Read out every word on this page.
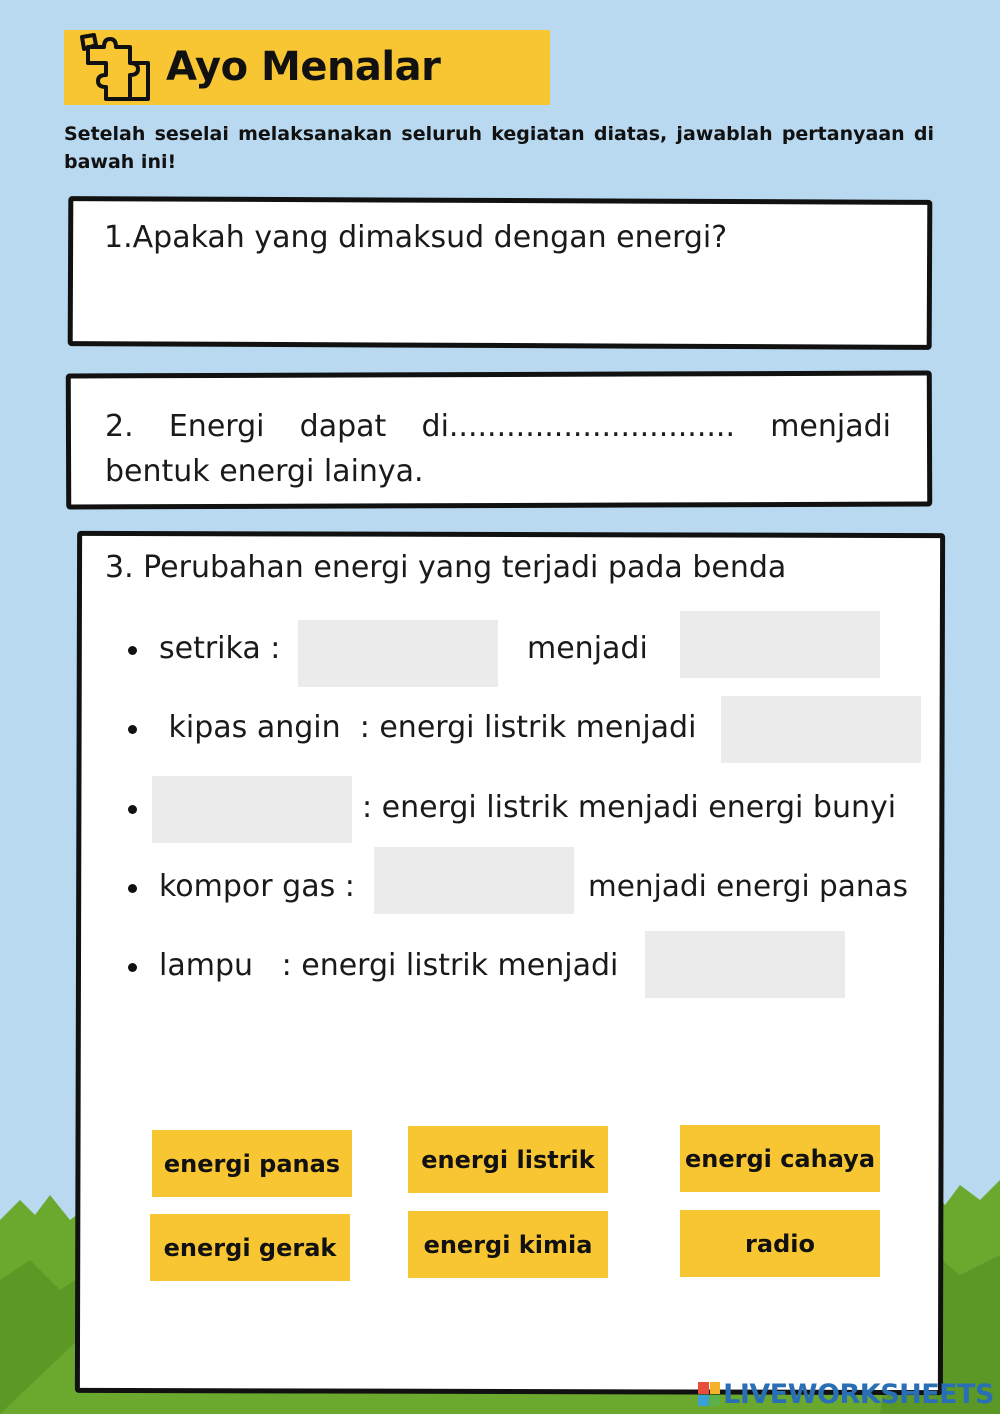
Ayo Menalar
Setelah seselai melaksanakan seluruh kegiatan diatas, jawablah pertanyaan di bawah ini!
1.Apakah yang dimaksud dengan energi?
2. Energi dapat di.............................. menjadi bentuk energi lainya.
3. Perubahan energi yang terjadi pada benda
setrika :	menjadi
kipas angin  : energi listrik menjadi
: energi listrik menjadi energi bunyi
kompor gas :	menjadi energi panas
lampu   : energi listrik menjadi
energi panas	energi listrik	energi cahaya
energi gerak	energi kimia	radio
LIVEWORKSHEETS
